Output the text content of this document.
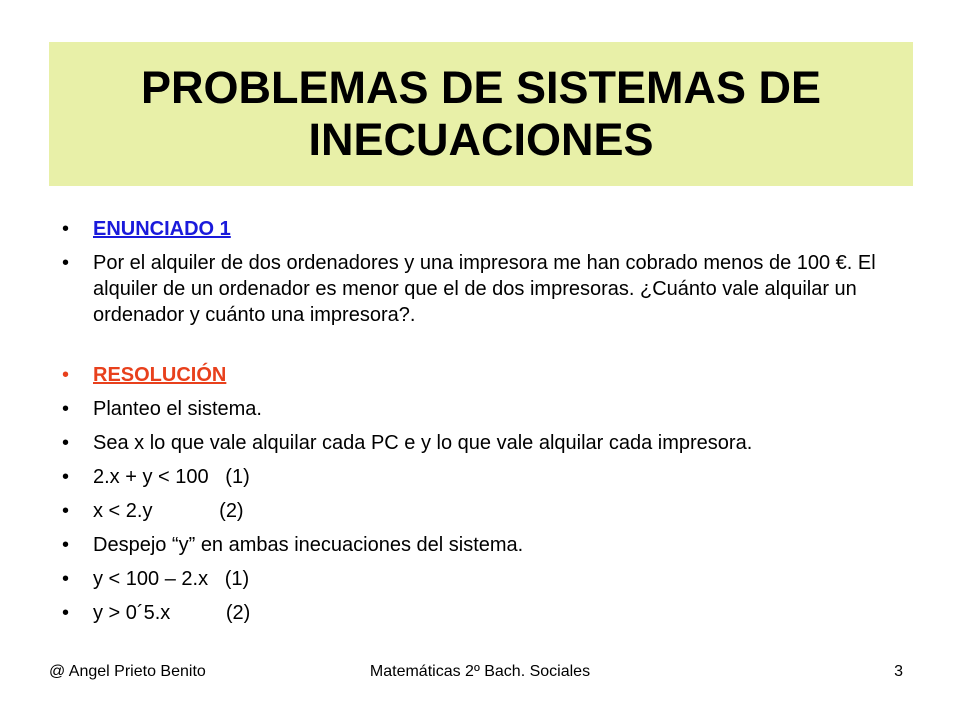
PROBLEMAS DE SISTEMAS DE
INECUACIONES
• ENUNCIADO 1
• Por el alquiler de dos ordenadores y una impresora me han cobrado menos de 100 €. El alquiler de un ordenador es menor que el de dos impresoras. ¿Cuánto vale alquilar un ordenador y cuánto una impresora?.
• RESOLUCIÓN
• Planteo el sistema.
• Sea x lo que vale alquilar cada PC e y lo que vale alquilar cada impresora.
• 2.x + y < 100   (1)
• x < 2.y            (2)
• Despejo “y” en ambas inecuaciones del sistema.
• y < 100 – 2.x   (1)
• y > 0´5.x          (2)
@ Angel Prieto Benito	Matemáticas 2º Bach. Sociales	3
